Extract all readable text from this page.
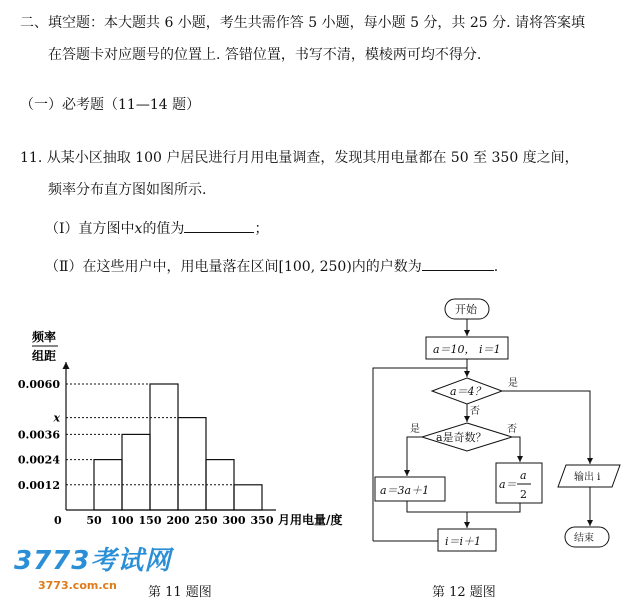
二、填空题：本大题共 6 小题，考生共需作答 5 小题，每小题 5 分，共 25 分. 请将答案填
在答题卡对应题号的位置上. 答错位置，书写不清，模棱两可均不得分.
（一）必考题（11—14 题）
11. 从某小区抽取 100 户居民进行月用电量调查，发现其用电量都在 50 至 350 度之间，
频率分布直方图如图所示.
（Ⅰ）直方图中x的值为	；
（Ⅱ）在这些用户中，用电量落在区间[100, 250)内的户数为	.
频率
组距
0.0012
0.0024
0.0036
x
0.0060
50 100 150 200 250 300 350
0	月用电量/度
开始
a＝10， i＝1
a＝4？
是
否
a是奇数？
是	否
a＝3a＋1	a＝
a
2
i＝i＋1
输出 i
结束
3773考试网
3773.com.cn 第 11 题图	第 12 题图
